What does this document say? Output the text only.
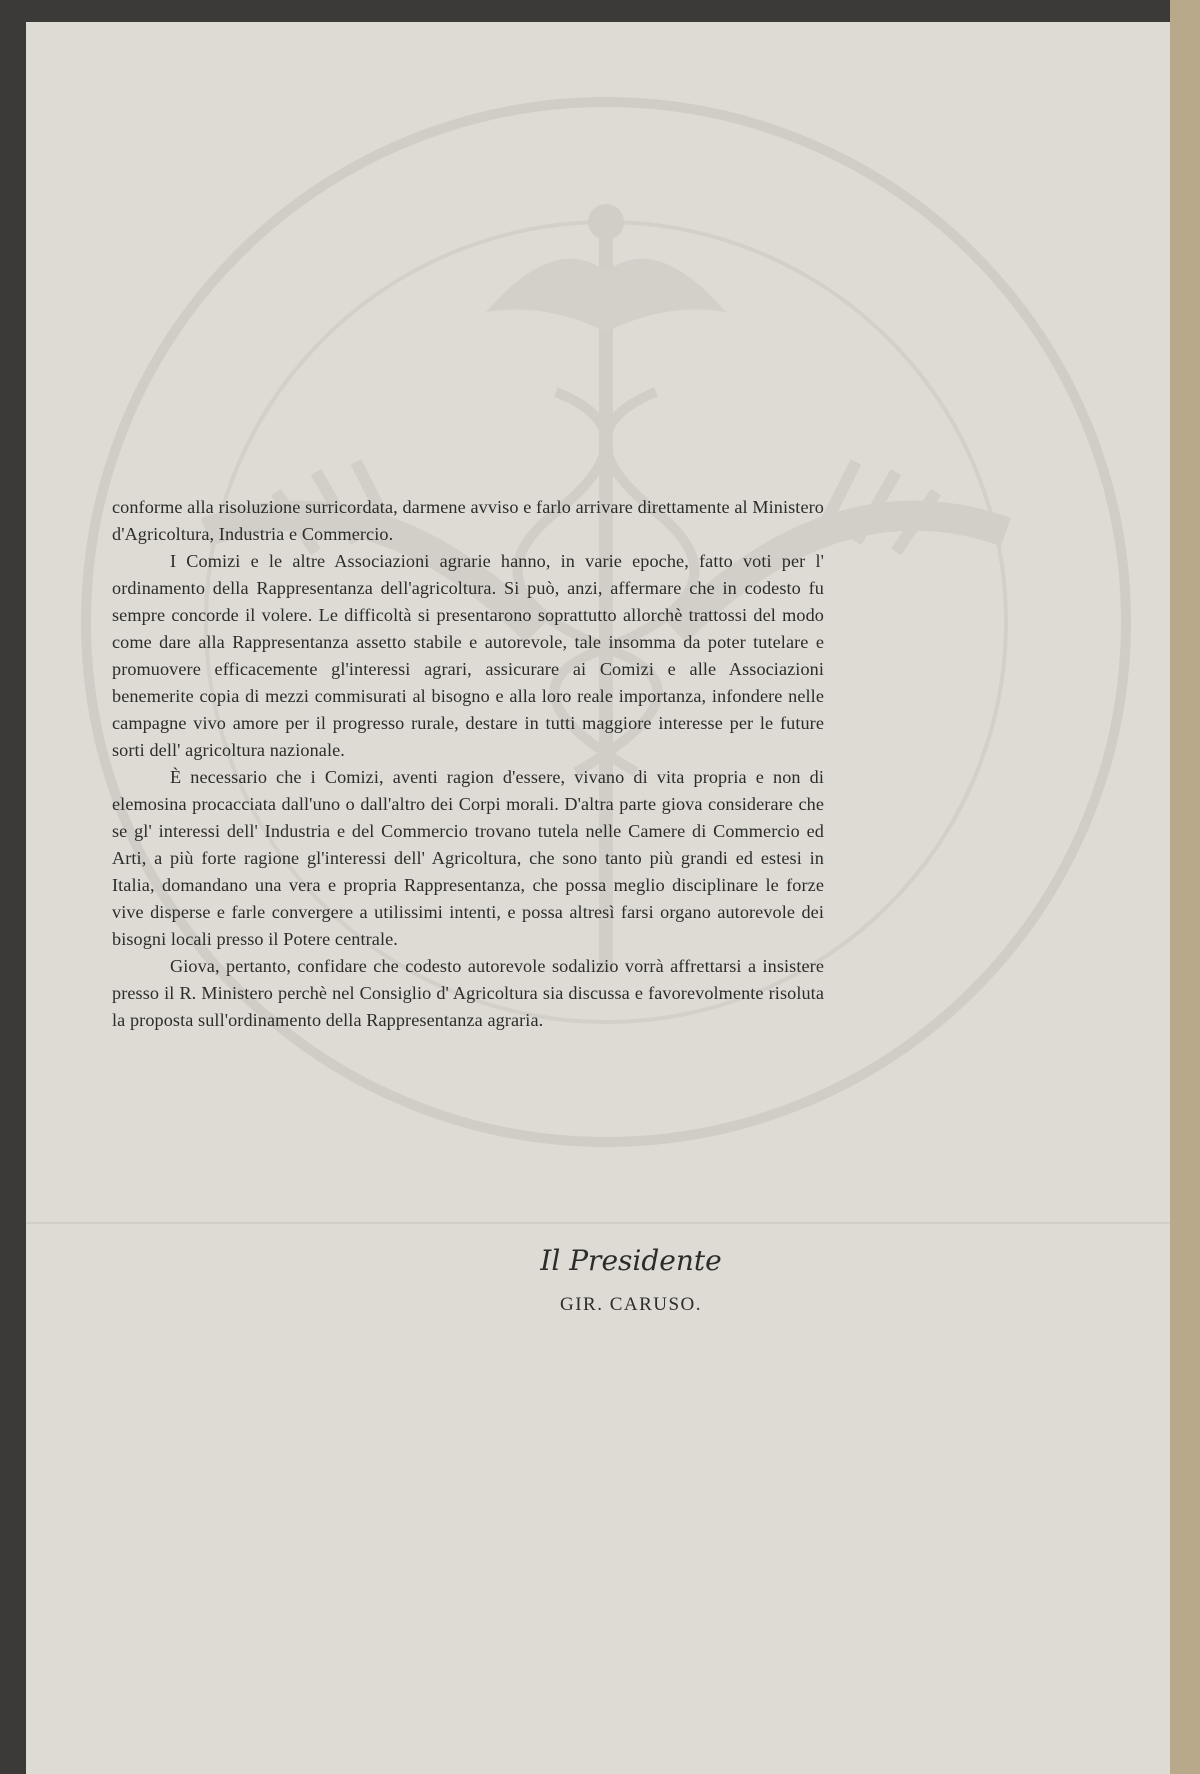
conforme alla risoluzione surricordata, darmene avviso e farlo arrivare direttamente al Ministero d'Agricoltura, Industria e Commercio.

I Comizi e le altre Associazioni agrarie hanno, in varie epoche, fatto voti per l' ordinamento della Rappresentanza dell'agricoltura. Si può, anzi, affermare che in codesto fu sempre concorde il volere. Le difficoltà si presentarono soprattutto allorchè trattossi del modo come dare alla Rappresentanza assetto stabile e autorevole, tale insomma da poter tutelare e promuovere efficacemente gl'interessi agrari, assicurare ai Comizi e alle Associazioni benemerite copia di mezzi commisurati al bisogno e alla loro reale importanza, infondere nelle campagne vivo amore per il progresso rurale, destare in tutti maggiore interesse per le future sorti dell' agricoltura nazionale.

È necessario che i Comizi, aventi ragion d'essere, vivano di vita propria e non di elemosina procacciata dall'uno o dall'altro dei Corpi morali. D'altra parte giova considerare che se gl' interessi dell' Industria e del Commercio trovano tutela nelle Camere di Commercio ed Arti, a più forte ragione gl'interessi dell' Agricoltura, che sono tanto più grandi ed estesi in Italia, domandano una vera e propria Rappresentanza, che possa meglio disciplinare le forze vive disperse e farle convergere a utilissimi intenti, e possa altresì farsi organo autorevole dei bisogni locali presso il Potere centrale.

Giova, pertanto, confidare che codesto autorevole sodalizio vorrà affrettarsi a insistere presso il R. Ministero perchè nel Consiglio d' Agricoltura sia discussa e favorevolmente risoluta la proposta sull'ordinamento della Rappresentanza agraria.

Il Presidente
GIR. CARUSO.
